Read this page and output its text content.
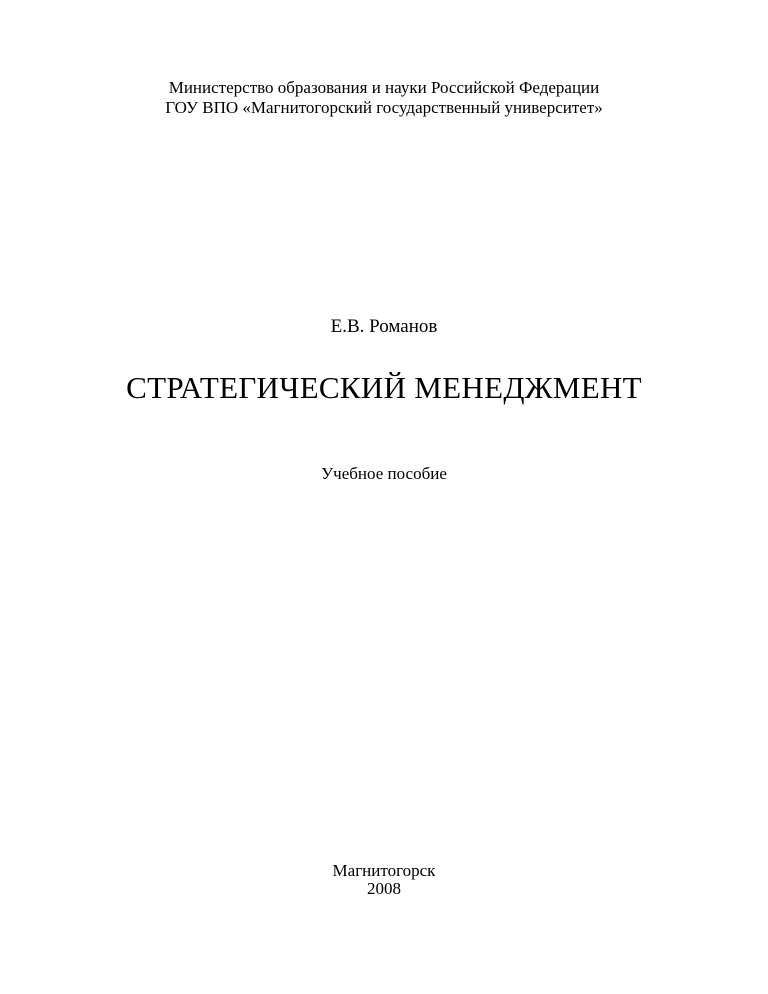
Министерство образования и науки Российской Федерации
ГОУ ВПО «Магнитогорский государственный университет»
Е.В. Романов
СТРАТЕГИЧЕСКИЙ МЕНЕДЖМЕНТ
Учебное пособие
Магнитогорск
2008
